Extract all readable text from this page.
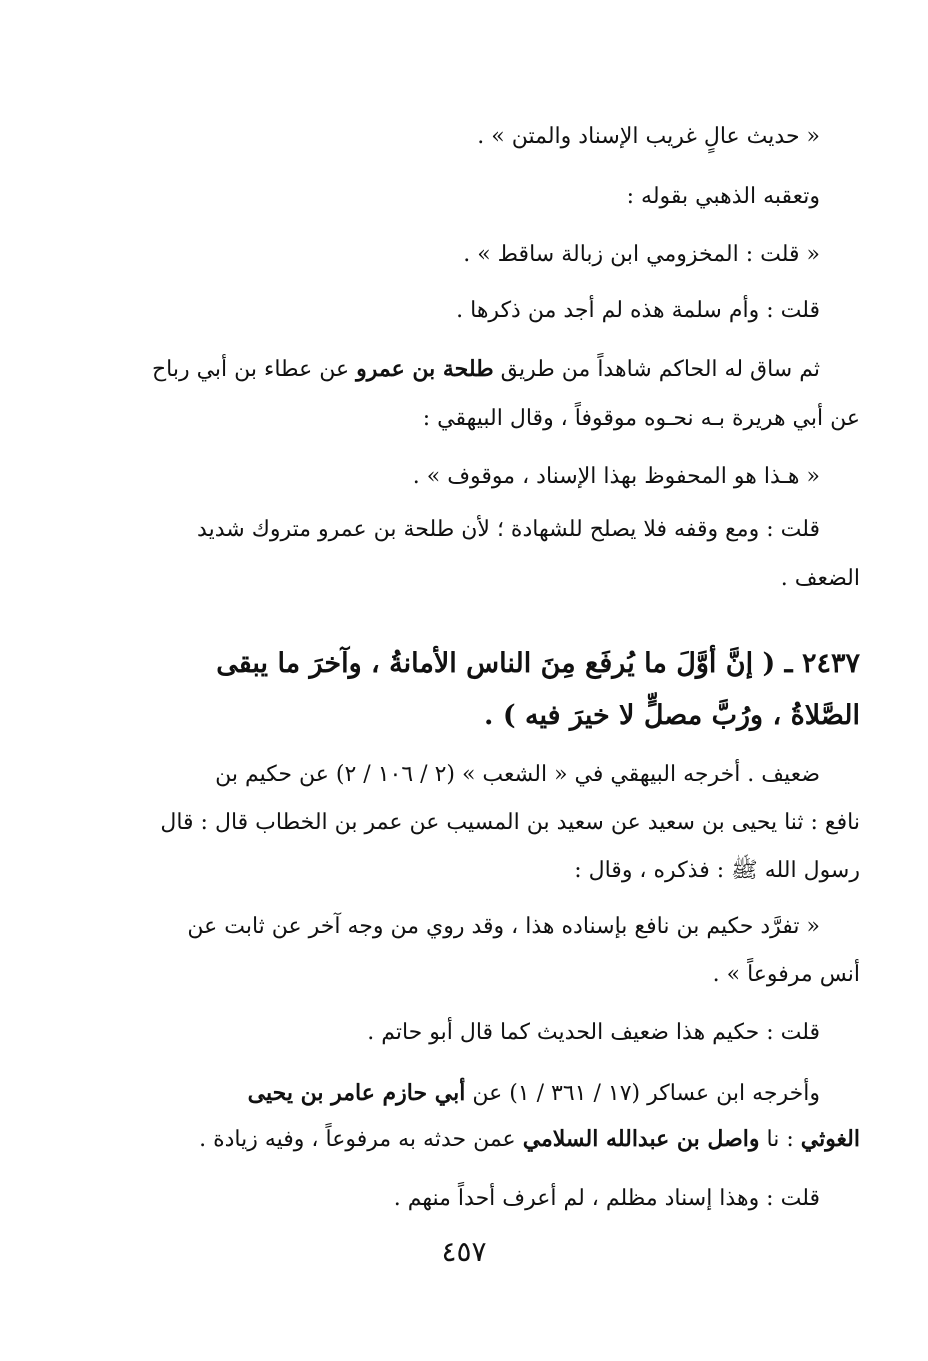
« حديث عالٍ غريب الإسناد والمتن » .
وتعقبه الذهبي بقوله :
« قلت : المخزومي ابن زبالة ساقط » .
قلت : وأم سلمة هذه لم أجد من ذكرها .
ثم ساق له الحاكم شاهداً من طريق طلحة بن عمرو عن عطاء بن أبي رباح
عن أبي هريرة بـه نحـوه موقوفاً ، وقال البيهقي :
« هـذا هو المحفوظ بهذا الإسناد ، موقوف » .
قلت : ومع وقفه فلا يصلح للشهادة ؛ لأن طلحة بن عمرو متروك شديد
الضعف .
٢٤٣٧ ـ ( إنَّ أوَّلَ ما يُرفَع مِنَ الناس الأمانةُ ، وآخرَ ما يبقى
الصَّلاةُ ، ورُبَّ مصلٍّ لا خيرَ فيه ) .
ضعيف . أخرجه البيهقي في « الشعب » (٢ / ١٠٦ / ٢) عن حكيم بن
نافع : ثنا يحيى بن سعيد عن سعيد بن المسيب عن عمر بن الخطاب قال : قال
رسول الله ﷺ : فذكره ، وقال :
« تفرَّد حكيم بن نافع بإسناده هذا ، وقد روي من وجه آخر عن ثابت عن
أنس مرفوعاً » .
قلت : حكيم هذا ضعيف الحديث كما قال أبو حاتم .
وأخرجه ابن عساكر (١٧ / ٣٦١ / ١) عن أبي حازم عامر بن يحيى
الغوثي : نا واصل بن عبدالله السلامي عمن حدثه به مرفوعاً ، وفيه زيادة .
قلت : وهذا إسناد مظلم ، لم أعرف أحداً منهم .
٤٥٧
